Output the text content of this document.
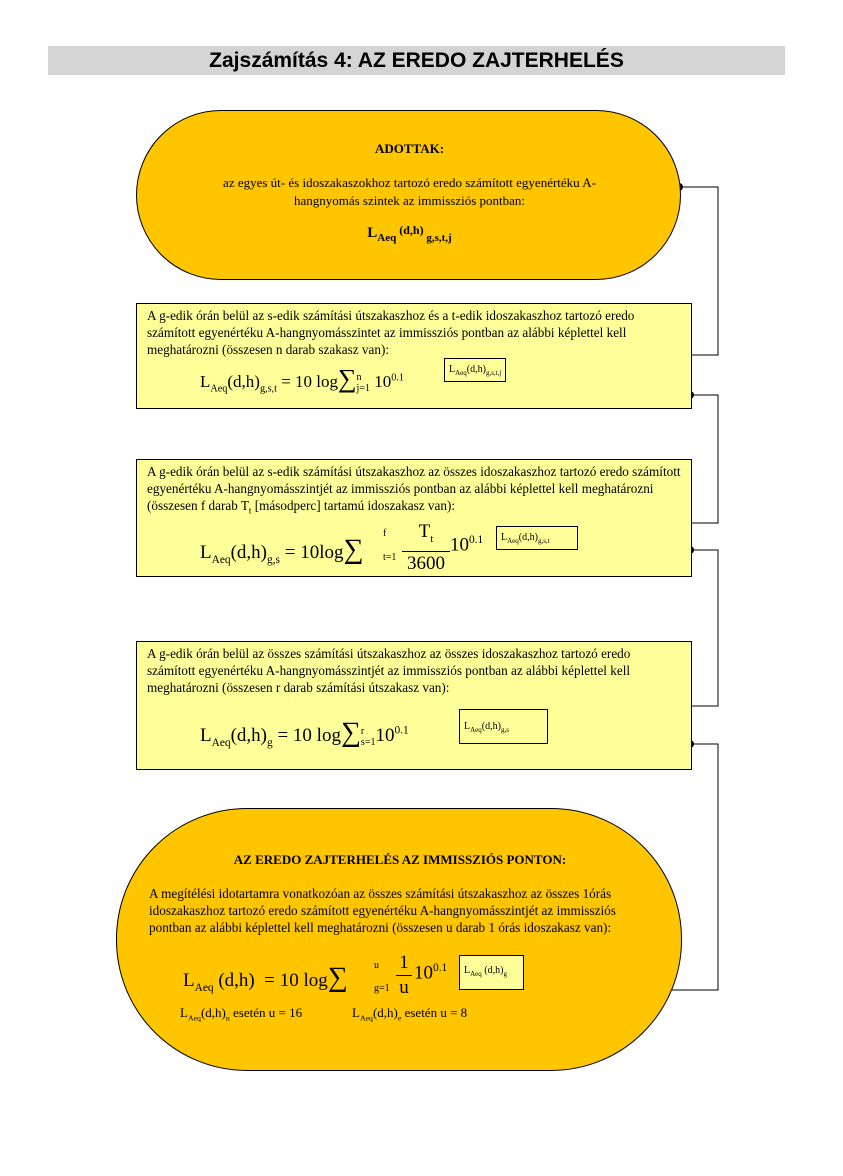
Zajszámítás 4: AZ EREDO ZAJTERHELÉS
ADOTTAK:
az egyes út- és idoszakaszokhoz tartozó eredo számított egyenértéku A-
hangnyomás szintek az immissziós pontban:
$L_{Aeq}$ $^{(d,h)}$ $_{g,s,t,j}$
A g-edik órán belül az s-edik számítási útszakaszhoz és a t-edik idoszakaszhoz tartozó eredo számított egyenértéku A-hangnyomásszintet az immissziós pontban az alábbi képlettel kell meghatározni (összesen n darab szakasz van):
$L_{Aeq}(d,h)_{g,s,t} = 10$ log∑ n
j=1 $10^{0.1}$
$L_{Aeq}(d,h)_{g,s,t,j}$
A g-edik órán belül az s-edik számítási útszakaszhoz az összes idoszakaszhoz tartozó eredo számított egyenértéku A-hangnyomásszintjét az immissziós pontban az alábbi képlettel kell meghatározni (összesen f darab $T_t$ [másodperc] tartamú idoszakasz van):
$L_{Aeq}(d,h)_{g,s} = 10\log\sum$
f
$t=1 \frac{T_t}{3600} 10^{0.1}$	$L_{Aeq}(d,h)_{g,s,t}$
A g-edik órán belül az összes számítási útszakaszhoz az összes idoszakaszhoz tartozó eredo számított egyenértéku A-hangnyomásszintjét az immissziós pontban az alábbi képlettel kell meghatározni (összesen r darab számítási útszakasz van):
$L_{Aeq}(d,h)_g = 10$ log∑ r
s=1 $10^{0.1}$	$L_{Aeq}(d,h)_{g,s}$
AZ EREDO ZAJTERHELÉS AZ IMMISSZIÓS PONTON:
A megítélési idotartamra vonatkozóan az összes számítási útszakaszhoz az összes 1órás
idoszakaszhoz tartozó eredo számított egyenértéku A-hangnyomásszintjét az immissziós
pontban az alábbi képlettel kell meghatározni (összesen u darab 1 órás idoszakasz van):
$L_{Aeq}$ (d,h)  = 10 log∑	u
$g=1 \frac{1}{u} 10^{0.1}$	$L_{Aeq}$ $(d,h)_g$
$L_{Aeq}(d,h)_n$ esetén u = 16	$L_{Aeq}(d,h)_e$ esetén u = 8
